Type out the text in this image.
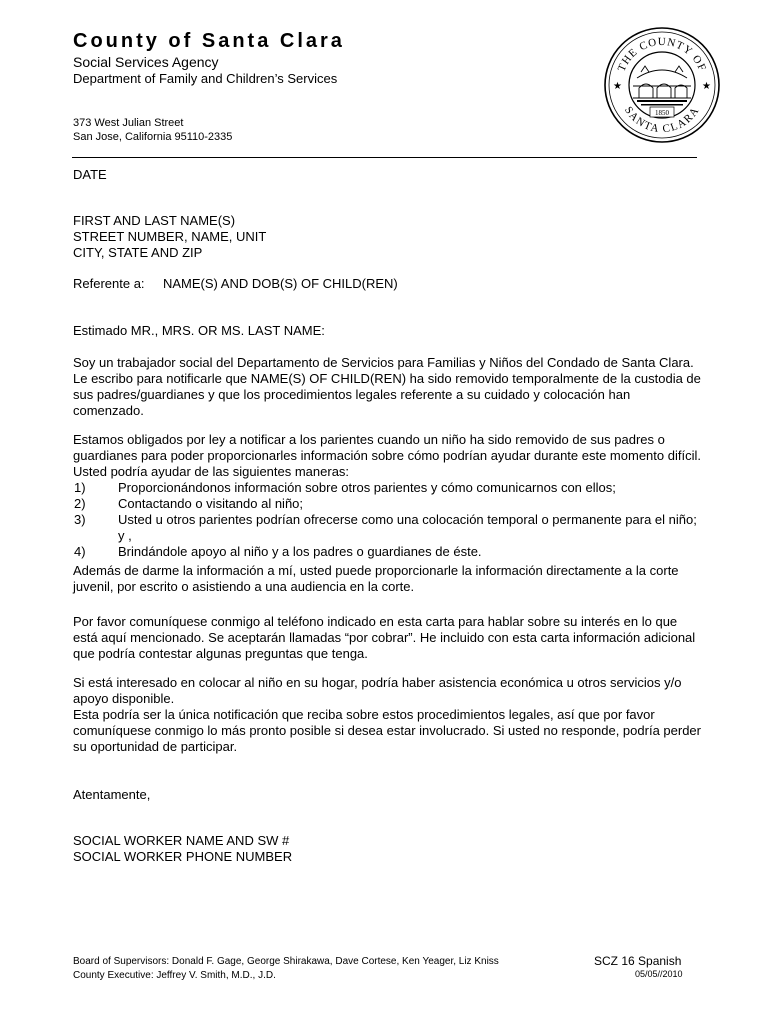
County of Santa Clara
Social Services Agency
Department of Family and Children’s Services
373 West Julian Street
San Jose, California 95110-2335
THE COUNTY OF
SANTA CLARA
★	★
1850
DATE
FIRST AND LAST NAME(S)
STREET NUMBER, NAME, UNIT
CITY, STATE AND ZIP
Referente a: NAME(S) AND DOB(S) OF CHILD(REN)
Estimado MR., MRS. OR MS. LAST NAME:
Soy un trabajador social del Departamento de Servicios para Familias y Niños del Condado de Santa Clara. Le escribo para notificarle que NAME(S) OF CHILD(REN) ha sido removido temporalmente de la custodia de sus padres/guardianes y que los procedimientos legales referente a su cuidado y colocación han comenzado.
Estamos obligados por ley a notificar a los parientes cuando un niño ha sido removido de sus padres o guardianes para poder proporcionarles información sobre cómo podrían ayudar durante este momento difícil. Usted podría ayudar de las siguientes maneras:
1)	Proporcionándonos información sobre otros parientes y cómo comunicarnos con ellos;
2)	Contactando o visitando al niño;
3)	Usted u otros parientes podrían ofrecerse como una colocación temporal o permanente para el niño; y ,
4)	Brindándole apoyo al niño y a los padres o guardianes de éste.
Además de darme la información a mí, usted puede proporcionarle la información directamente a la corte juvenil, por escrito o asistiendo a una audiencia en la corte.
Por favor comuníquese conmigo al teléfono indicado en esta carta para hablar sobre su interés en lo que está aquí mencionado. Se aceptarán llamadas “por cobrar”. He incluido con esta carta información adicional que podría contestar algunas preguntas que tenga.
Si está interesado en colocar al niño en su hogar, podría haber asistencia económica u otros servicios y/o apoyo disponible.
Esta podría ser la única notificación que reciba sobre estos procedimientos legales, así que por favor comuníquese conmigo lo más pronto posible si desea estar involucrado. Si usted no responde, podría perder su oportunidad de participar.
Atentamente,
SOCIAL WORKER NAME AND SW #
SOCIAL WORKER PHONE NUMBER
Board of Supervisors: Donald F. Gage, George Shirakawa, Dave Cortese, Ken Yeager, Liz Kniss
County Executive: Jeffrey V. Smith, M.D., J.D.
SCZ 16 Spanish
05/05//2010
